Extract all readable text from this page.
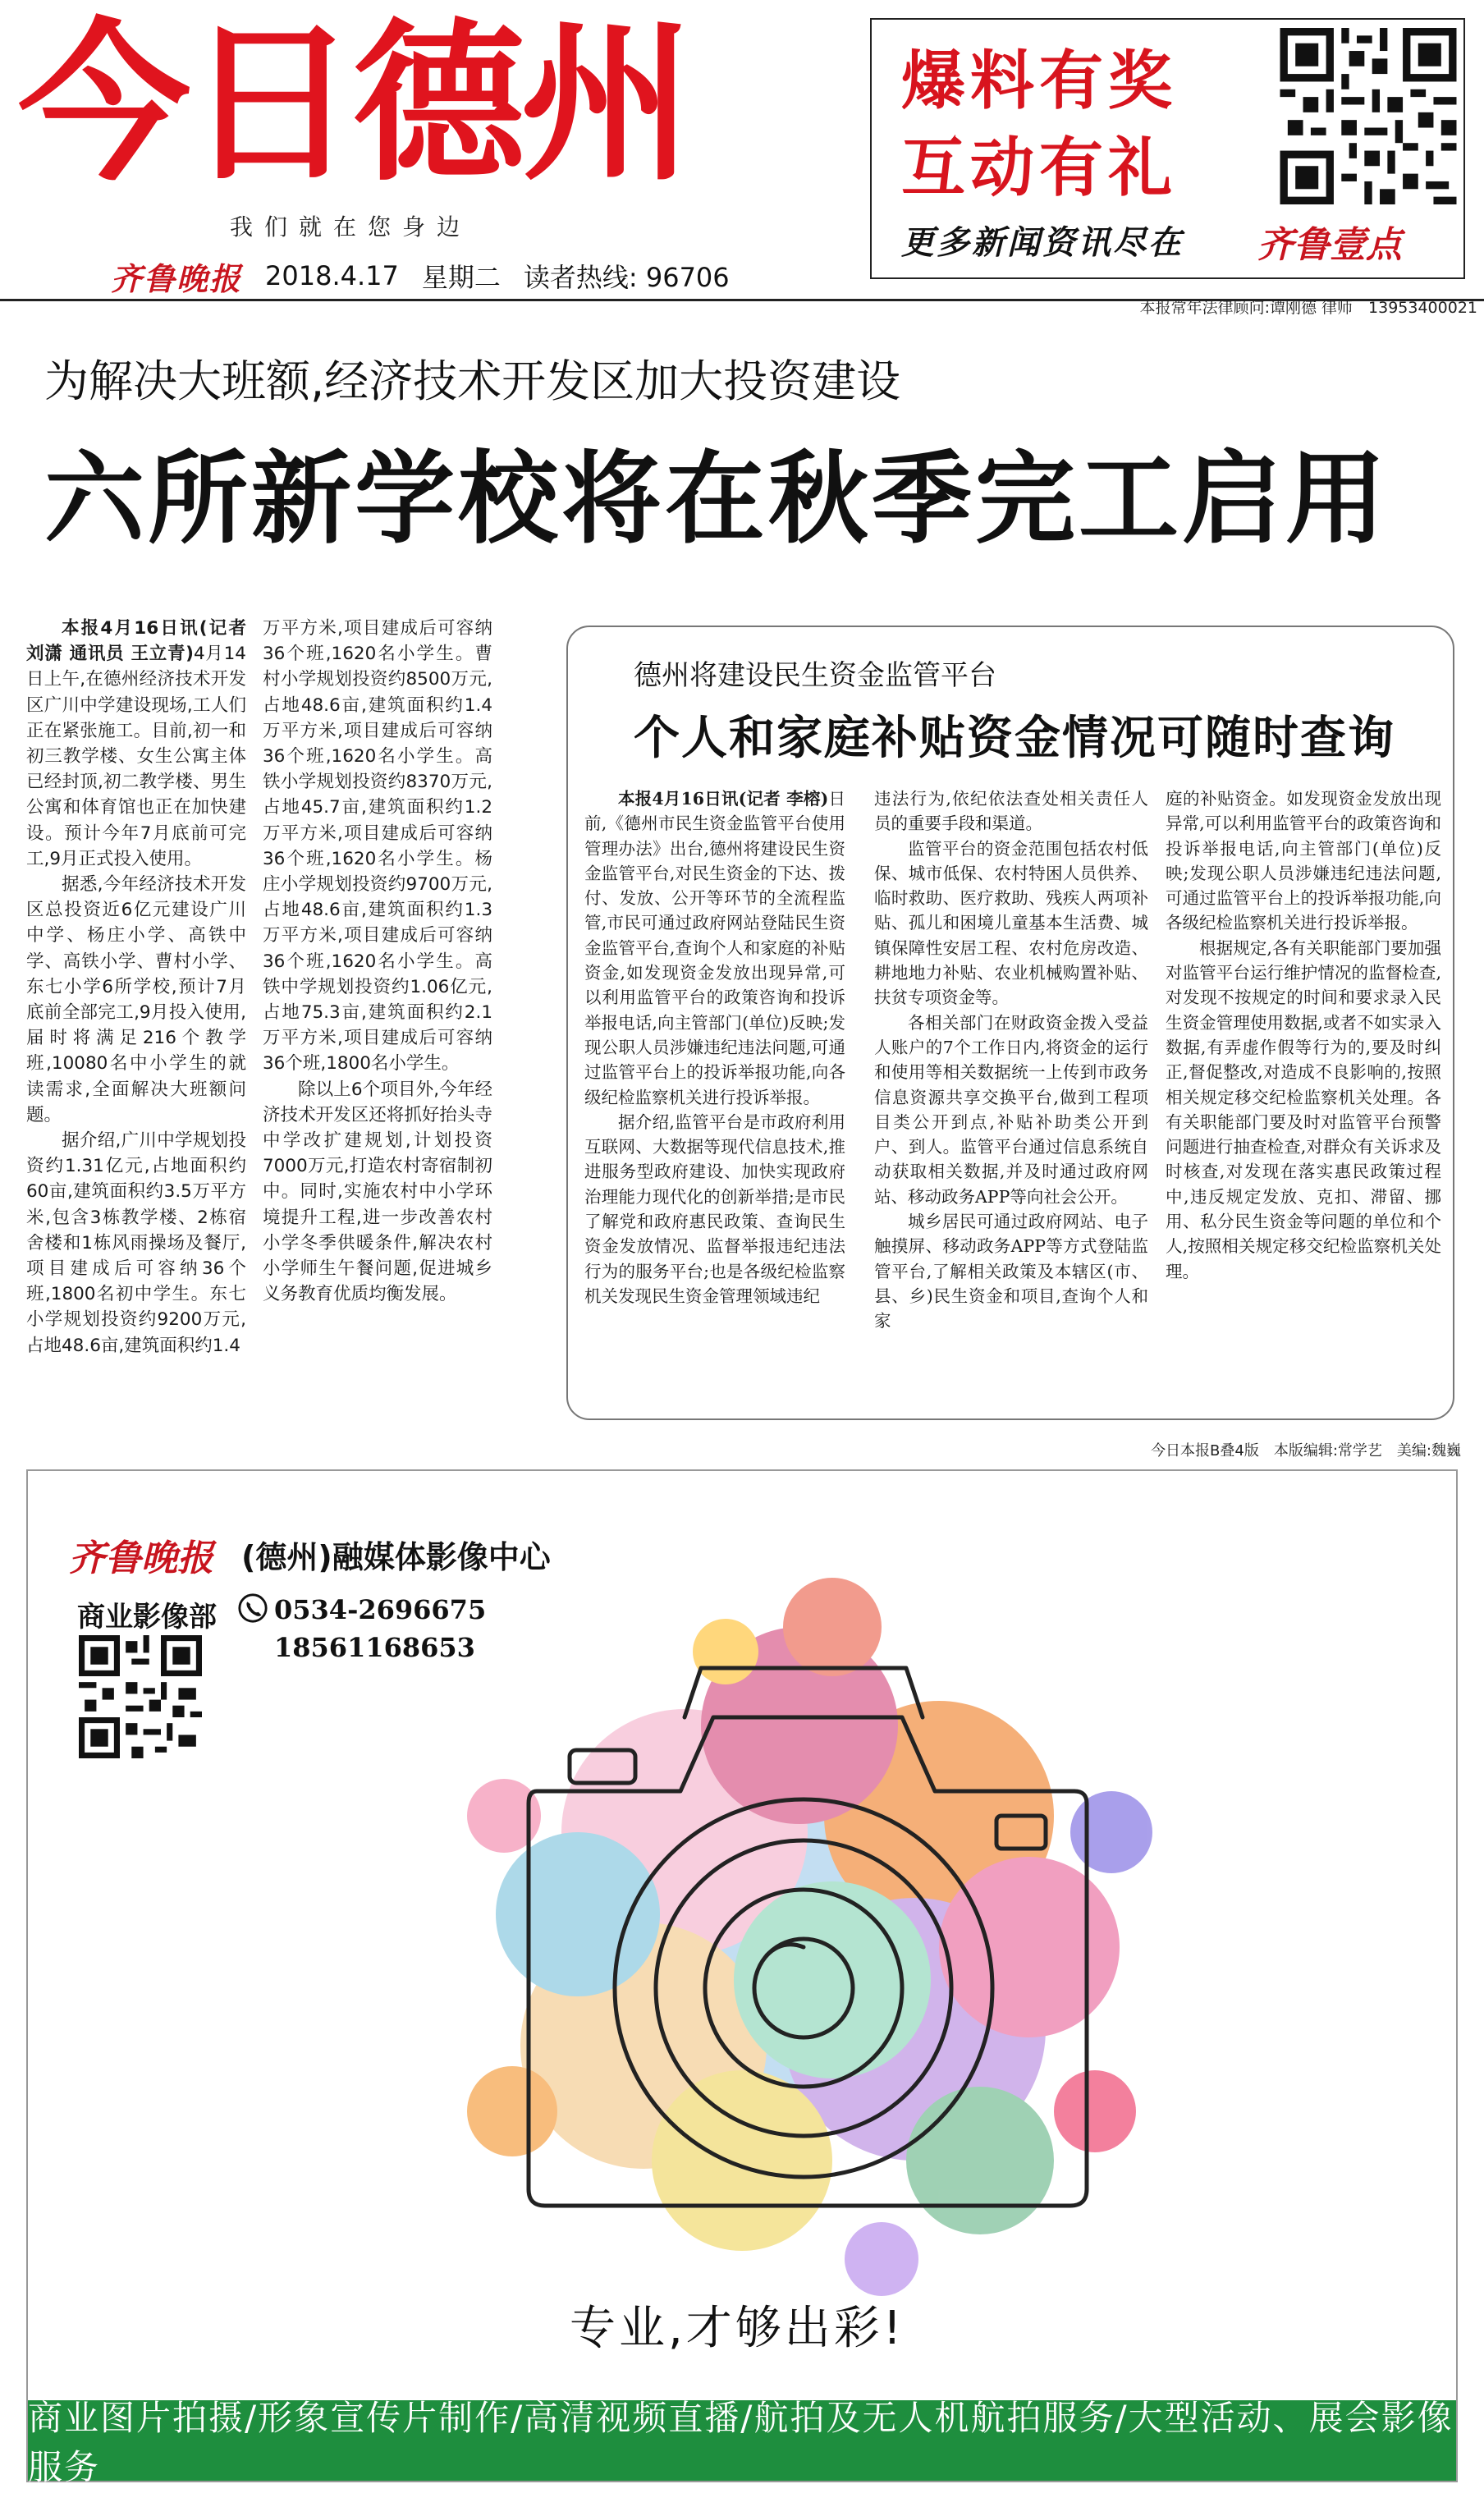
今日德州
我们就在您身边
齐鲁晚报 2018.4.17 星期二 读者热线: 96706
本报常年法律顾问:谭刚德 律师　13953400021
爆料有奖
互动有礼
更多新闻资讯尽在 齐鲁壹点
为解决大班额,经济技术开发区加大投资建设
六所新学校将在秋季完工启用

本报4月16日讯(记者 刘潇 通讯员 王立青)4月14日上午,在德州经济技术开发区广川中学建设现场,工人们正在紧张施工。目前,初一和初三教学楼、女生公寓主体已经封顶,初二教学楼、男生公寓和体育馆也正在加快建设。预计今年7月底前可完工,9月正式投入使用。

据悉,今年经济技术开发区总投资近6亿元建设广川中学、杨庄小学、高铁中学、高铁小学、曹村小学、东七小学6所学校,预计7月底前全部完工,9月投入使用,届时将满足216个教学班,10080名中小学生的就读需求,全面解决大班额问题。

据介绍,广川中学规划投资约1.31亿元,占地面积约60亩,建筑面积约3.5万平方米,包含3栋教学楼、2栋宿舍楼和1栋风雨操场及餐厅,项目建成后可容纳36个班,1800名初中学生。东七小学规划投资约9200万元,占地48.6亩,建筑面积约1.4

万平方米,项目建成后可容纳36个班,1620名小学生。曹村小学规划投资约8500万元,占地48.6亩,建筑面积约1.4万平方米,项目建成后可容纳36个班,1620名小学生。高铁小学规划投资约8370万元,占地45.7亩,建筑面积约1.2万平方米,项目建成后可容纳36个班,1620名小学生。杨庄小学规划投资约9700万元,占地48.6亩,建筑面积约1.3万平方米,项目建成后可容纳36个班,1620名小学生。高铁中学规划投资约1.06亿元,占地75.3亩,建筑面积约2.1万平方米,项目建成后可容纳36个班,1800名小学生。

除以上6个项目外,今年经济技术开发区还将抓好抬头寺中学改扩建规划,计划投资7000万元,打造农村寄宿制初中。同时,实施农村中小学环境提升工程,进一步改善农村小学冬季供暖条件,解决农村小学师生午餐问题,促进城乡义务教育优质均衡发展。

德州将建设民生资金监管平台
个人和家庭补贴资金情况可随时查询

本报4月16日讯(记者 李榕)日前,《德州市民生资金监管平台使用管理办法》出台,德州将建设民生资金监管平台,对民生资金的下达、拨付、发放、公开等环节的全流程监管,市民可通过政府网站登陆民生资金监管平台,查询个人和家庭的补贴资金,如发现资金发放出现异常,可以利用监管平台的政策咨询和投诉举报电话,向主管部门(单位)反映;发现公职人员涉嫌违纪违法问题,可通过监管平台上的投诉举报功能,向各级纪检监察机关进行投诉举报。

据介绍,监管平台是市政府利用互联网、大数据等现代信息技术,推进服务型政府建设、加快实现政府治理能力现代化的创新举措;是市民了解党和政府惠民政策、查询民生资金发放情况、监督举报违纪违法行为的服务平台;也是各级纪检监察机关发现民生资金管理领域违纪

违法行为,依纪依法查处相关责任人员的重要手段和渠道。

监管平台的资金范围包括农村低保、城市低保、农村特困人员供养、临时救助、医疗救助、残疾人两项补贴、孤儿和困境儿童基本生活费、城镇保障性安居工程、农村危房改造、耕地地力补贴、农业机械购置补贴、扶贫专项资金等。

各相关部门在财政资金拨入受益人账户的7个工作日内,将资金的运行和使用等相关数据统一上传到市政务信息资源共享交换平台,做到工程项目类公开到点,补贴补助类公开到户、到人。监管平台通过信息系统自动获取相关数据,并及时通过政府网站、移动政务APP等向社会公开。

城乡居民可通过政府网站、电子触摸屏、移动政务APP等方式登陆监管平台,了解相关政策及本辖区(市、县、乡)民生资金和项目,查询个人和家

庭的补贴资金。如发现资金发放出现异常,可以利用监管平台的政策咨询和投诉举报电话,向主管部门(单位)反映;发现公职人员涉嫌违纪违法问题,可通过监管平台上的投诉举报功能,向各级纪检监察机关进行投诉举报。

根据规定,各有关职能部门要加强对监管平台运行维护情况的监督检查,对发现不按规定的时间和要求录入民生资金管理使用数据,或者不如实录入数据,有弄虚作假等行为的,要及时纠正,督促整改,对造成不良影响的,按照相关规定移交纪检监察机关处理。各有关职能部门要及时对监管平台预警问题进行抽查检查,对群众有关诉求及时核查,对发现在落实惠民政策过程中,违反规定发放、克扣、滞留、挪用、私分民生资金等问题的单位和个人,按照相关规定移交纪检监察机关处理。

今日本报B叠4版　本版编辑:常学艺　美编:魏巍
齐鲁晚报 (德州)融媒体影像中心
商业影像部 0534-2696675
18561168653
专业,才够出彩!
商业图片拍摄/形象宣传片制作/高清视频直播/航拍及无人机航拍服务/大型活动、展会影像服务
